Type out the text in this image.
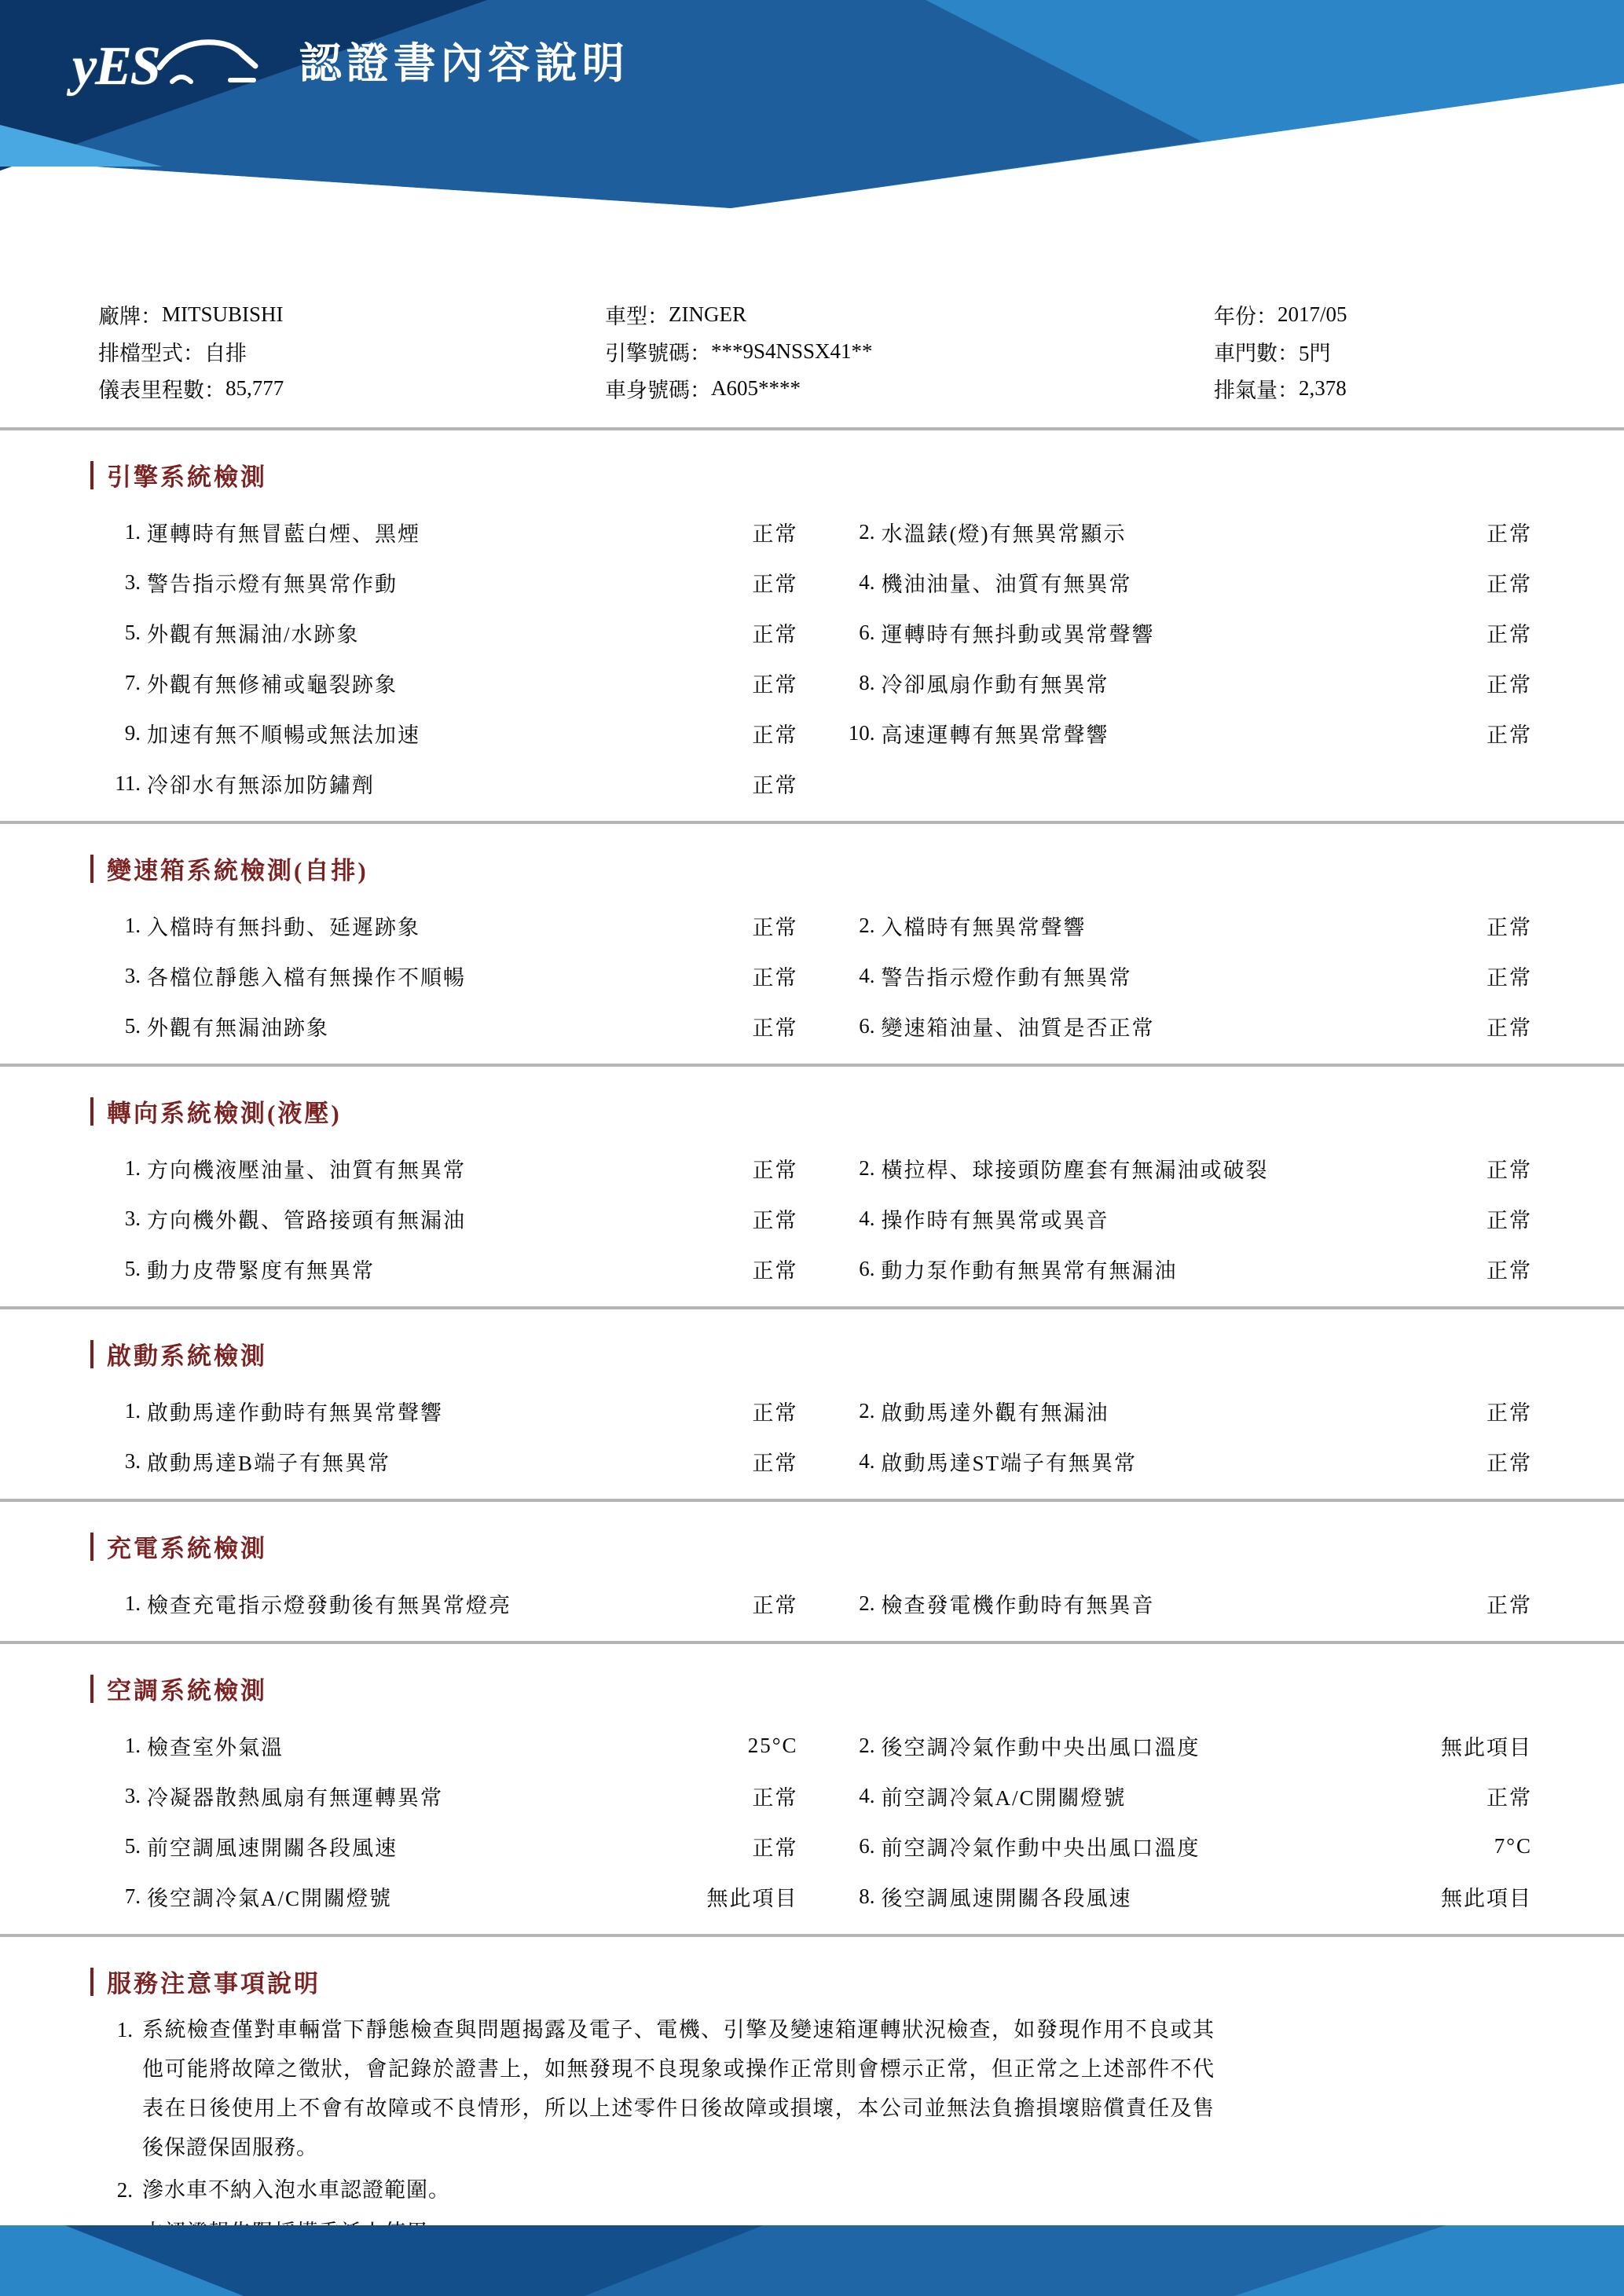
yES	認證書內容說明
廠牌： MITSUBISHI	車型： ZINGER	年份： 2017/05
排檔型式： 自排	引擎號碼： ***9S4NSSX41**	車門數： 5門
儀表里程數： 85,777	車身號碼： A605****	排氣量： 2,378
引擎系統檢測
1. 運轉時有無冒藍白煙、黑煙	正常	2. 水溫錶(燈)有無異常顯示	正常
3. 警告指示燈有無異常作動	正常	4. 機油油量、油質有無異常	正常
5. 外觀有無漏油/水跡象	正常	6. 運轉時有無抖動或異常聲響	正常
7. 外觀有無修補或龜裂跡象	正常	8. 冷卻風扇作動有無異常	正常
9. 加速有無不順暢或無法加速	正常	10. 高速運轉有無異常聲響	正常
11. 冷卻水有無添加防鏽劑	正常
變速箱系統檢測(自排)
1. 入檔時有無抖動、延遲跡象	正常	2. 入檔時有無異常聲響	正常
3. 各檔位靜態入檔有無操作不順暢	正常	4. 警告指示燈作動有無異常	正常
5. 外觀有無漏油跡象	正常	6. 變速箱油量、油質是否正常	正常
轉向系統檢測(液壓)
1. 方向機液壓油量、油質有無異常	正常	2. 橫拉桿、球接頭防塵套有無漏油或破裂	正常
3. 方向機外觀、管路接頭有無漏油	正常	4. 操作時有無異常或異音	正常
5. 動力皮帶緊度有無異常	正常	6. 動力泵作動有無異常有無漏油	正常
啟動系統檢測
1. 啟動馬達作動時有無異常聲響	正常	2. 啟動馬達外觀有無漏油	正常
3. 啟動馬達B端子有無異常	正常	4. 啟動馬達ST端子有無異常	正常
充電系統檢測
1. 檢查充電指示燈發動後有無異常燈亮	正常	2. 檢查發電機作動時有無異音	正常
空調系統檢測
1. 檢查室外氣溫	25°C	2. 後空調冷氣作動中央出風口溫度	無此項目
3. 冷凝器散熱風扇有無運轉異常	正常	4. 前空調冷氣A/C開關燈號	正常
5. 前空調風速開關各段風速	正常	6. 前空調冷氣作動中央出風口溫度	7°C
7. 後空調冷氣A/C開關燈號	無此項目	8. 後空調風速開關各段風速	無此項目
服務注意事項說明
1. 系統檢查僅對車輛當下靜態檢查與問題揭露及電子、電機、引擎及變速箱運轉狀況檢查，如發現作用不良或其他可能將故障之徵狀，會記錄於證書上，如無發現不良現象或操作正常則會標示正常，但正常之上述部件不代表在日後使用上不會有故障或不良情形，所以上述零件日後故障或損壞，本公司並無法負擔損壞賠償責任及售後保證保固服務。
2. 滲水車不納入泡水車認證範圍。
